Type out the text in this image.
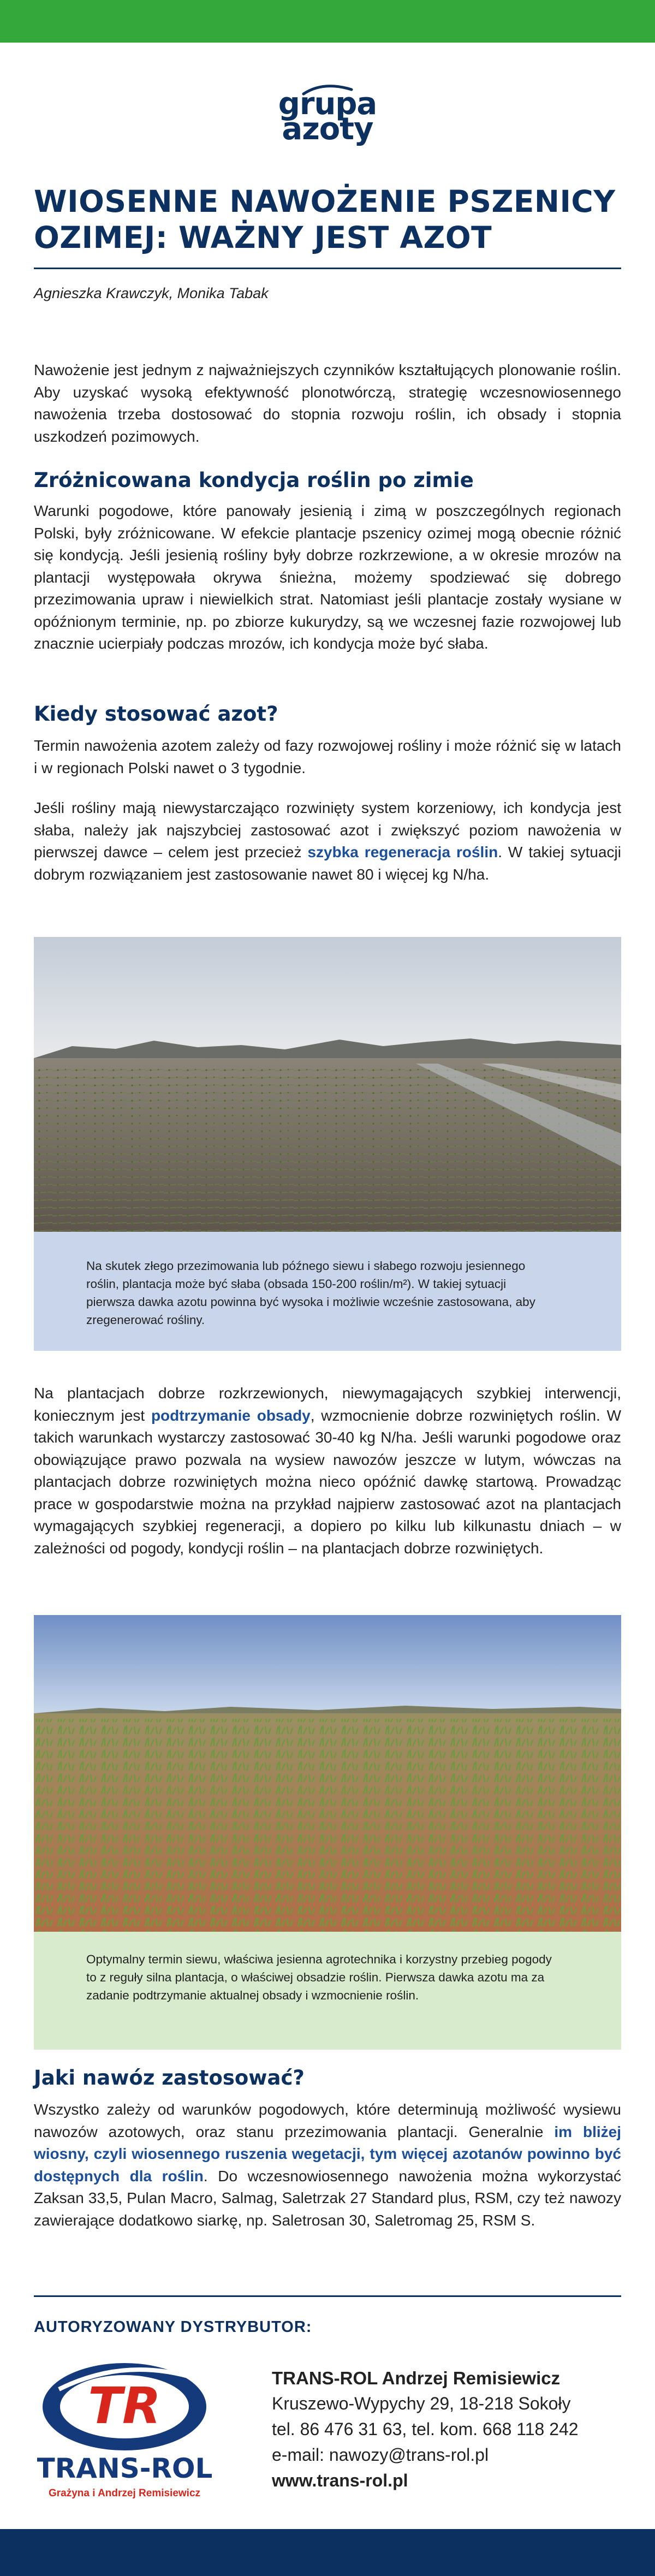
grupa
azoty
WIOSENNE NAWOŻENIE PSZENICY
OZIMEJ: WAŻNY JEST AZOT
Agnieszka Krawczyk, Monika Tabak

Nawożenie jest jednym z najważniejszych czynników kształtujących plonowanie roślin. Aby uzyskać wysoką efektywność plonotwórczą, strategię wczesnowiosennego nawożenia trzeba dostosować do stopnia rozwoju roślin, ich obsady i stopnia uszkodzeń pozimowych.

Zróżnicowana kondycja roślin po zimie

Warunki pogodowe, które panowały jesienią i zimą w poszczególnych regionach Polski, były zróżnicowane. W efekcie plantacje pszenicy ozimej mogą obecnie różnić się kondycją. Jeśli jesienią rośliny były dobrze rozkrzewione, a w okresie mrozów na plantacji występowała okrywa śnieżna, możemy spodziewać się dobrego przezimowania upraw i niewielkich strat. Natomiast jeśli plantacje zostały wysiane w opóźnionym terminie, np. po zbiorze kukurydzy, są we wczesnej fazie rozwojowej lub znacznie ucierpiały podczas mrozów, ich kondycja może być słaba.

Kiedy stosować azot?

Termin nawożenia azotem zależy od fazy rozwojowej rośliny i może różnić się w latach i w regionach Polski nawet o 3 tygodnie.

Jeśli rośliny mają niewystarczająco rozwinięty system korzeniowy, ich kondycja jest słaba, należy jak najszybciej zastosować azot i zwiększyć poziom nawożenia w pierwszej dawce – celem jest przecież szybka regeneracja roślin. W takiej sytuacji dobrym rozwiązaniem jest zastosowanie nawet 80 i więcej kg N/ha.

Na skutek złego przezimowania lub późnego siewu i słabego rozwoju jesiennego roślin, plantacja może być słaba (obsada 150-200 roślin/m²). W takiej sytuacji pierwsza dawka azotu powinna być wysoka i możliwie wcześnie zastosowana, aby zregenerować rośliny.

Na plantacjach dobrze rozkrzewionych, niewymagających szybkiej interwencji, koniecznym jest podtrzymanie obsady, wzmocnienie dobrze rozwiniętych roślin. W takich warunkach wystarczy zastosować 30-40 kg N/ha. Jeśli warunki pogodowe oraz obowiązujące prawo pozwala na wysiew nawozów jeszcze w lutym, wówczas na plantacjach dobrze rozwiniętych można nieco opóźnić dawkę startową. Prowadząc prace w gospodarstwie można na przykład najpierw zastosować azot na plantacjach wymagających szybkiej regeneracji, a dopiero po kilku lub kilkunastu dniach – w zależności od pogody, kondycji roślin – na plantacjach dobrze rozwiniętych.

Optymalny termin siewu, właściwa jesienna agrotechnika i korzystny przebieg pogody to z reguły silna plantacja, o właściwej obsadzie roślin. Pierwsza dawka azotu ma za zadanie podtrzymanie aktualnej obsady i wzmocnienie roślin.
Jaki nawóz zastosować?

Wszystko zależy od warunków pogodowych, które determinują możliwość wysiewu nawozów azotowych, oraz stanu przezimowania plantacji. Generalnie im bliżej wiosny, czyli wiosennego ruszenia wegetacji, tym więcej azotanów powinno być dostępnych dla roślin. Do wczesnowiosennego nawożenia można wykorzystać Zaksan 33,5, Pulan Macro, Salmag, Saletrzak 27 Standard plus, RSM, czy też nawozy zawierające dodatkowo siarkę, np. Saletrosan 30, Saletromag 25, RSM S.

AUTORYZOWANY DYSTRYBUTOR:
TR
TRANS-ROL
Grażyna i Andrzej Remisiewicz
TRANS-ROL Andrzej Remisiewicz
Kruszewo-Wypychy 29, 18-218 Sokoły
tel. 86 476 31 63, tel. kom. 668 118 242
e-mail: nawozy@trans-rol.pl
www.trans-rol.pl
